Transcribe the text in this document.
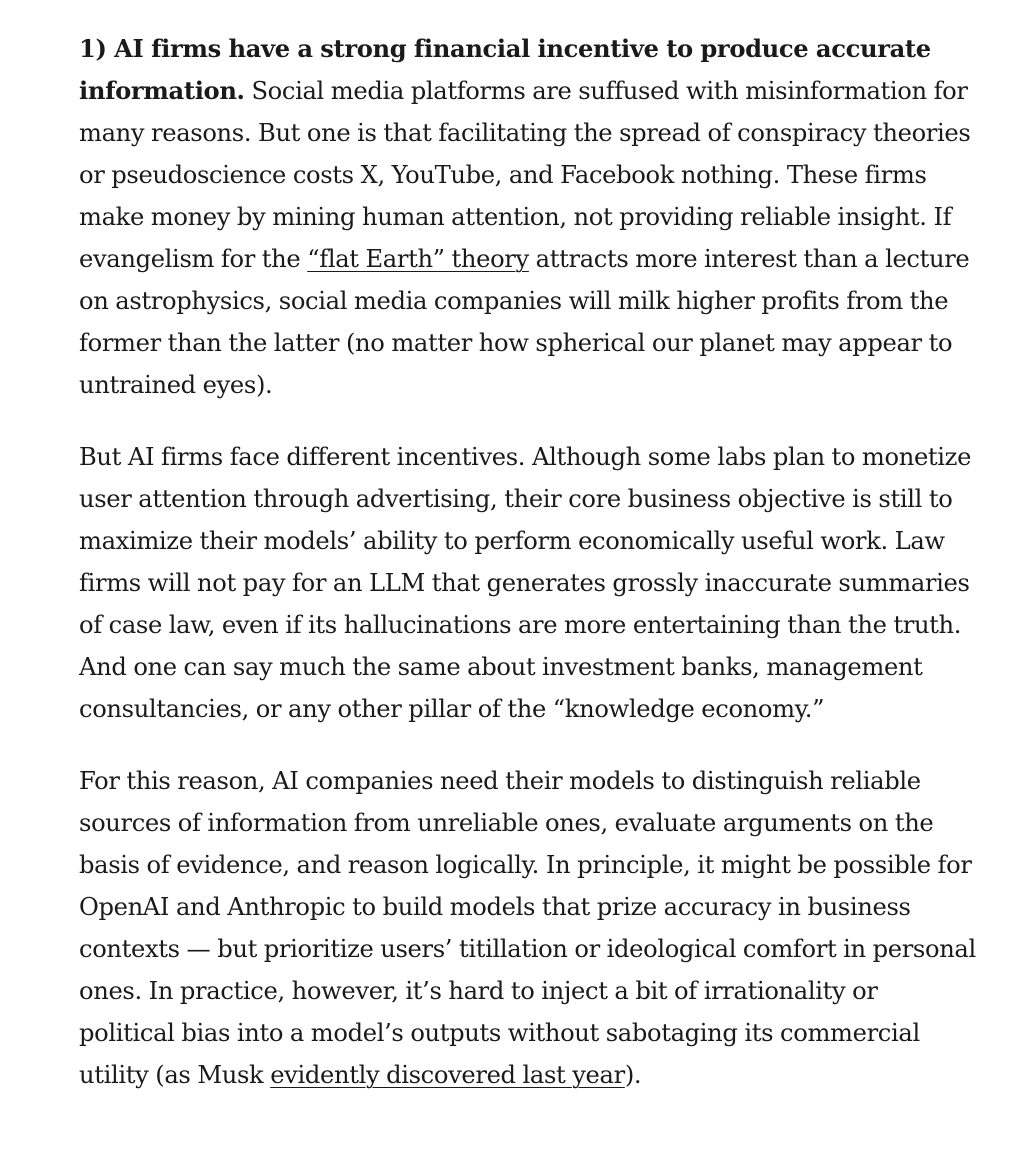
1) AI firms have a strong financial incentive to produce accurate information. Social media platforms are suffused with misinformation for many reasons. But one is that facilitating the spread of conspiracy theories or pseudoscience costs X, YouTube, and Facebook nothing. These firms make money by mining human attention, not providing reliable insight. If evangelism for the “flat Earth” theory attracts more interest than a lecture on astrophysics, social media companies will milk higher profits from the former than the latter (no matter how spherical our planet may appear to untrained eyes).

But AI firms face different incentives. Although some labs plan to monetize user attention through advertising, their core business objective is still to maximize their models’ ability to perform economically useful work. Law firms will not pay for an LLM that generates grossly inaccurate summaries of case law, even if its hallucinations are more entertaining than the truth. And one can say much the same about investment banks, management consultancies, or any other pillar of the “knowledge economy.”

For this reason, AI companies need their models to distinguish reliable sources of information from unreliable ones, evaluate arguments on the basis of evidence, and reason logically. In principle, it might be possible for OpenAI and Anthropic to build models that prize accuracy in business contexts — but prioritize users’ titillation or ideological comfort in personal ones. In practice, however, it’s hard to inject a bit of irrationality or political bias into a model’s outputs without sabotaging its commercial utility (as Musk evidently discovered last year).
